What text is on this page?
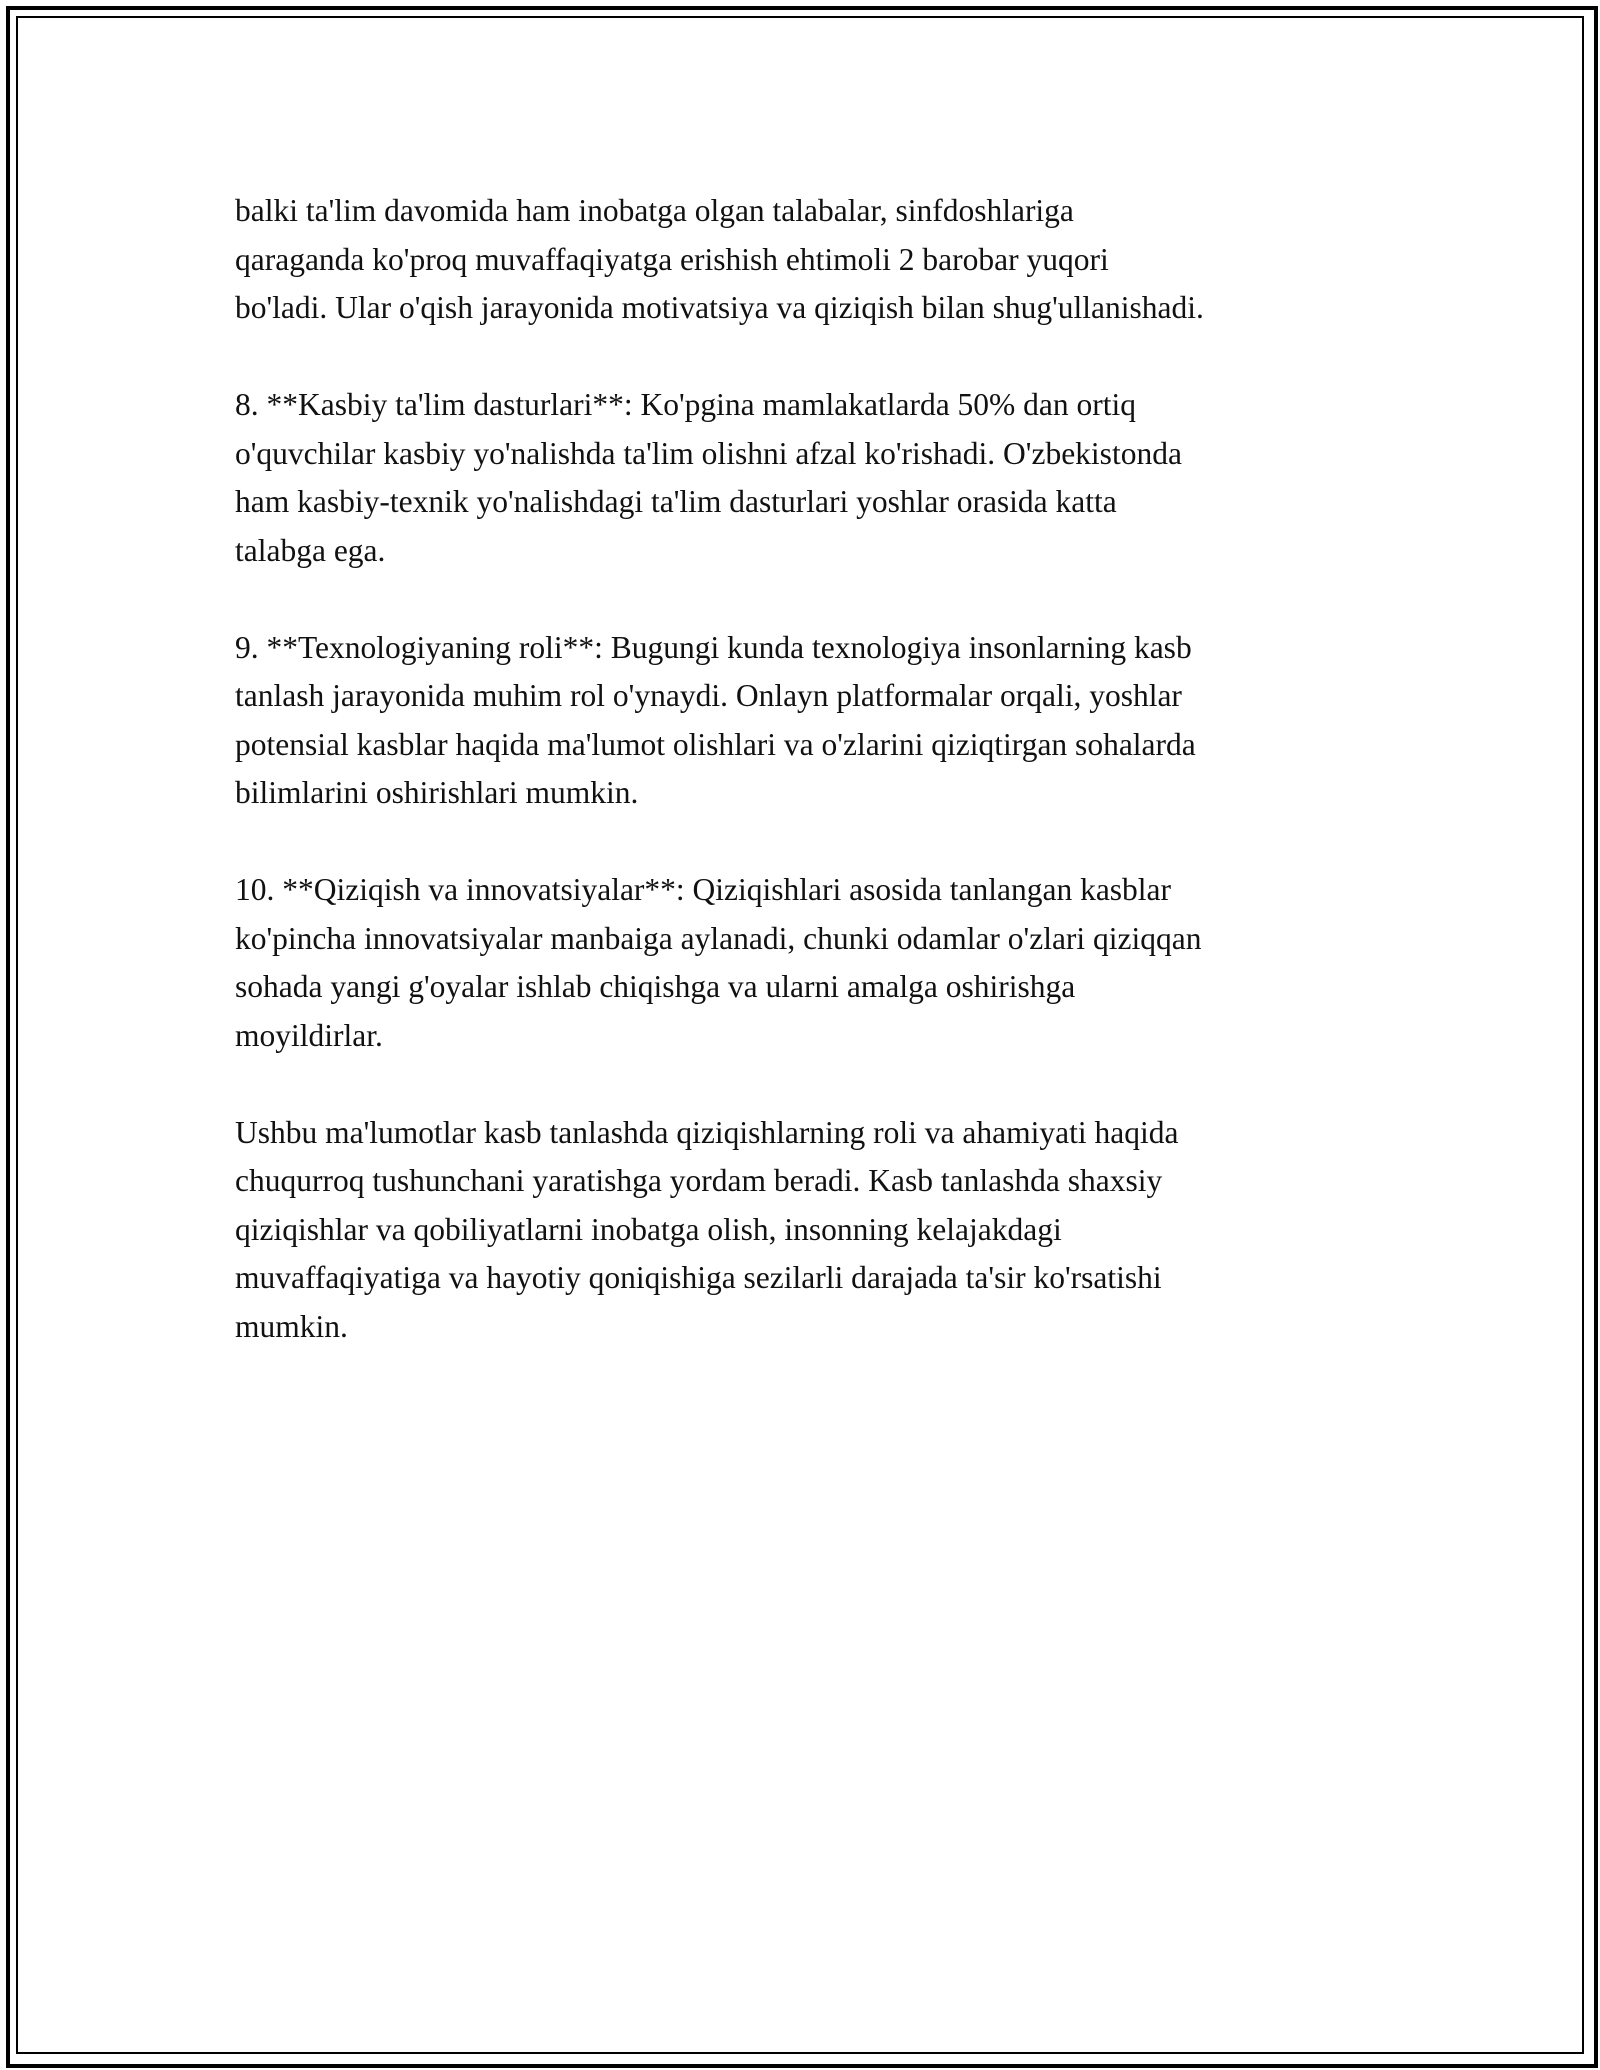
balki ta'lim davomida ham inobatga olgan talabalar, sinfdoshlariga
qaraganda ko'proq muvaffaqiyatga erishish ehtimoli 2 barobar yuqori
bo'ladi. Ular o'qish jarayonida motivatsiya va qiziqish bilan shug'ullanishadi.

8. **Kasbiy ta'lim dasturlari**: Ko'pgina mamlakatlarda 50% dan ortiq
o'quvchilar kasbiy yo'nalishda ta'lim olishni afzal ko'rishadi. O'zbekistonda
ham kasbiy-texnik yo'nalishdagi ta'lim dasturlari yoshlar orasida katta
talabga ega.

9. **Texnologiyaning roli**: Bugungi kunda texnologiya insonlarning kasb
tanlash jarayonida muhim rol o'ynaydi. Onlayn platformalar orqali, yoshlar
potensial kasblar haqida ma'lumot olishlari va o'zlarini qiziqtirgan sohalarda
bilimlarini oshirishlari mumkin.

10. **Qiziqish va innovatsiyalar**: Qiziqishlari asosida tanlangan kasblar
ko'pincha innovatsiyalar manbaiga aylanadi, chunki odamlar o'zlari qiziqqan
sohada yangi g'oyalar ishlab chiqishga va ularni amalga oshirishga
moyildirlar.

Ushbu ma'lumotlar kasb tanlashda qiziqishlarning roli va ahamiyati haqida
chuqurroq tushunchani yaratishga yordam beradi. Kasb tanlashda shaxsiy
qiziqishlar va qobiliyatlarni inobatga olish, insonning kelajakdagi
muvaffaqiyatiga va hayotiy qoniqishiga sezilarli darajada ta'sir ko'rsatishi
mumkin.
